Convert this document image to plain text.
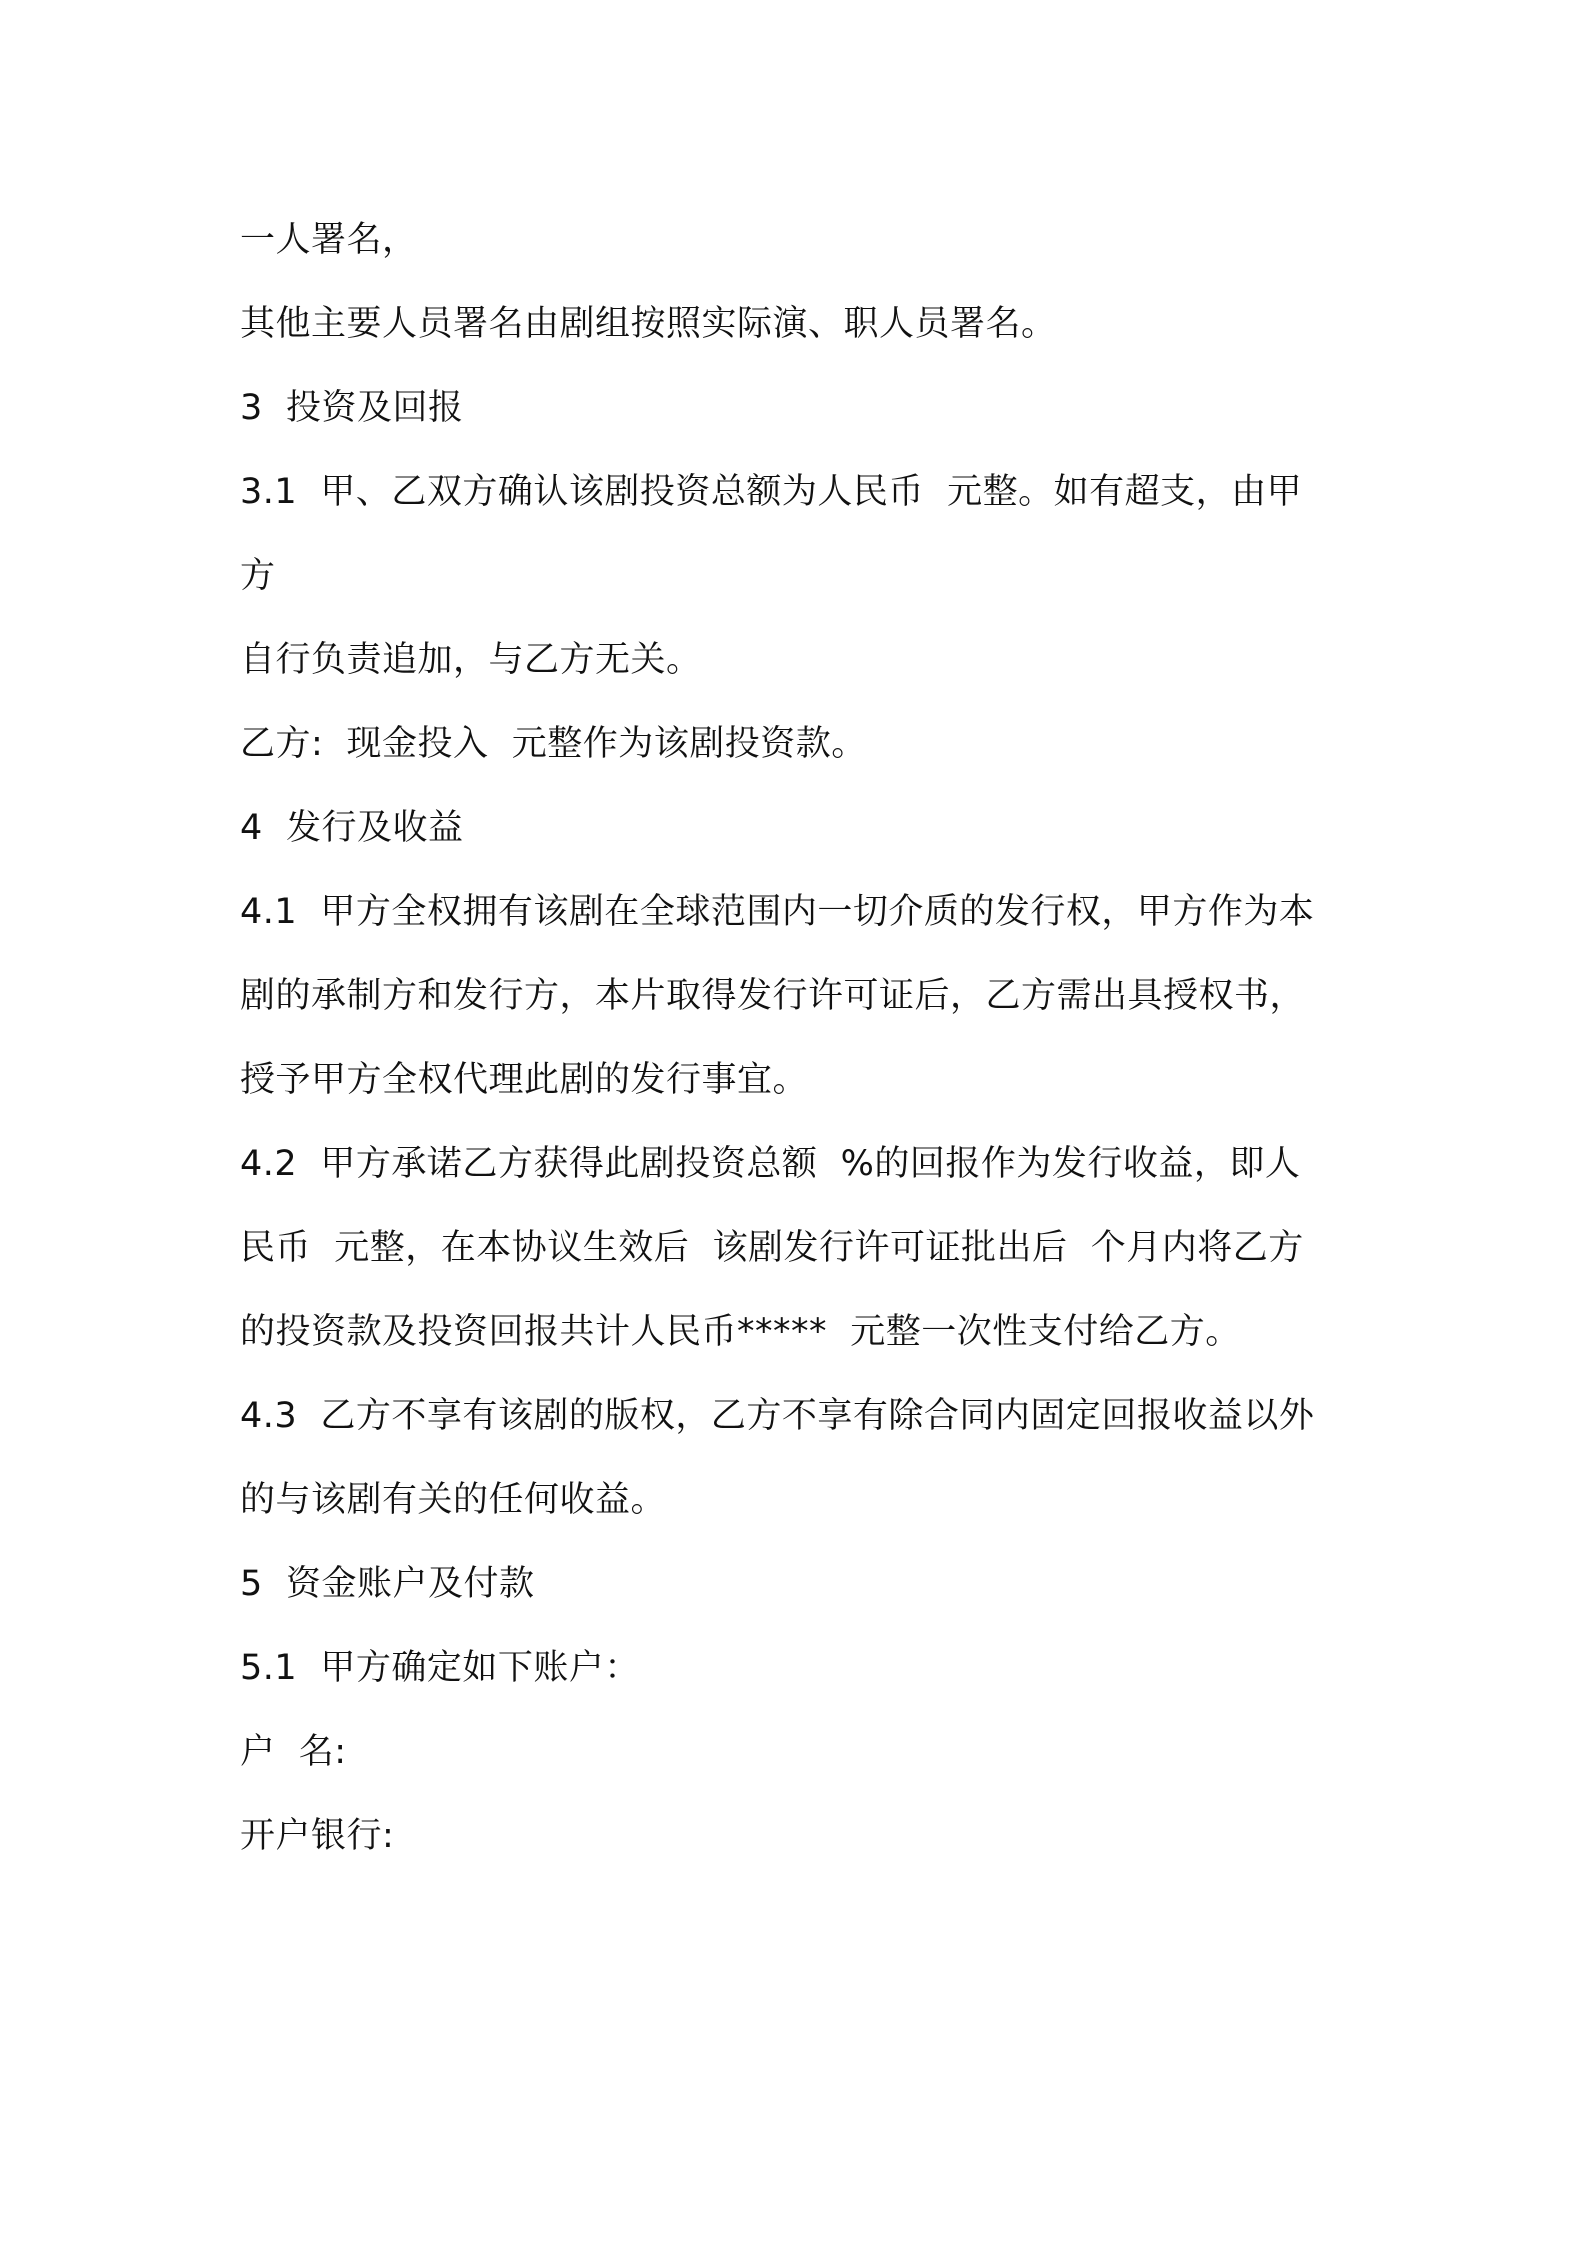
一人署名，
其他主要人员署名由剧组按照实际演、职人员署名。
3  投资及回报
3.1  甲、乙双方确认该剧投资总额为人民币  元整。如有超支，由甲
方
自行负责追加，与乙方无关。
乙方:  现金投入  元整作为该剧投资款。
4  发行及收益
4.1  甲方全权拥有该剧在全球范围内一切介质的发行权，甲方作为本
剧的承制方和发行方，本片取得发行许可证后，乙方需出具授权书，
授予甲方全权代理此剧的发行事宜。
4.2  甲方承诺乙方获得此剧投资总额  %的回报作为发行收益，即人
民币  元整，在本协议生效后  该剧发行许可证批出后  个月内将乙方
的投资款及投资回报共计人民币*****  元整一次性支付给乙方。
4.3  乙方不享有该剧的版权，乙方不享有除合同内固定回报收益以外
的与该剧有关的任何收益。
5  资金账户及付款
5.1  甲方确定如下账户：
户  名:
开户银行:
